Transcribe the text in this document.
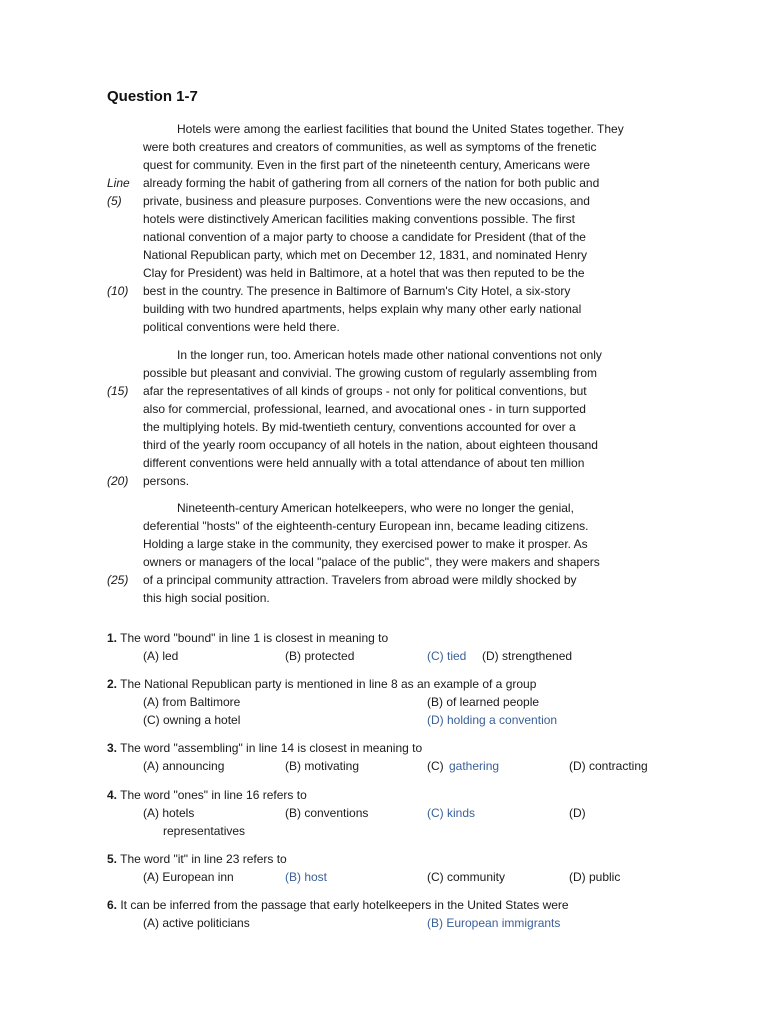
Question 1-7
Hotels were among the earliest facilities that bound the United States together. They
were both creatures and creators of communities, as well as symptoms of the frenetic
quest for community. Even in the first part of the nineteenth century, Americans were
already forming the habit of gathering from all corners of the nation for both public and
Line
private, business and pleasure purposes. Conventions were the new occasions, and
(5)
hotels were distinctively American facilities making conventions possible. The first
national convention of a major party to choose a candidate for President (that of the
National Republican party, which met on December 12, 1831, and nominated Henry
Clay for President) was held in Baltimore, at a hotel that was then reputed to be the
best in the country. The presence in Baltimore of Barnum's City Hotel, a six-story
(10)
building with two hundred apartments, helps explain why many other early national
political conventions were held there.
In the longer run, too. American hotels made other national conventions not only
possible but pleasant and convivial. The growing custom of regularly assembling from
afar the representatives of all kinds of groups - not only for political conventions, but
(15)
also for commercial, professional, learned, and avocational ones - in turn supported
the multiplying hotels. By mid-twentieth century, conventions accounted for over a
third of the yearly room occupancy of all hotels in the nation, about eighteen thousand
different conventions were held annually with a total attendance of about ten million
persons.
(20)
Nineteenth-century American hotelkeepers, who were no longer the genial,
deferential "hosts" of the eighteenth-century European inn, became leading citizens.
Holding a large stake in the community, they exercised power to make it prosper. As
owners or managers of the local "palace of the public", they were makers and shapers
of a principal community attraction. Travelers from abroad were mildly shocked by
(25)
this high social position.
1. The word "bound" in line 1 is closest in meaning to
(A) led	(B) protected	(C) tied (D) strengthened
2. The National Republican party is mentioned in line 8 as an example of a group
(A) from Baltimore	(B) of learned people
(C) owning a hotel	(D) holding a convention
3. The word "assembling" in line 14 is closest in meaning to
(A) announcing	(B) motivating	(C) gathering	(D) contracting
4. The word "ones" in line 16 refers to
(A) hotels	(B) conventions	(C) kinds	(D)
representatives
5. The word "it" in line 23 refers to
(A) European inn	(B) host	(C) community	(D) public
6. It can be inferred from the passage that early hotelkeepers in the United States were
(A) active politicians	(B) European immigrants
